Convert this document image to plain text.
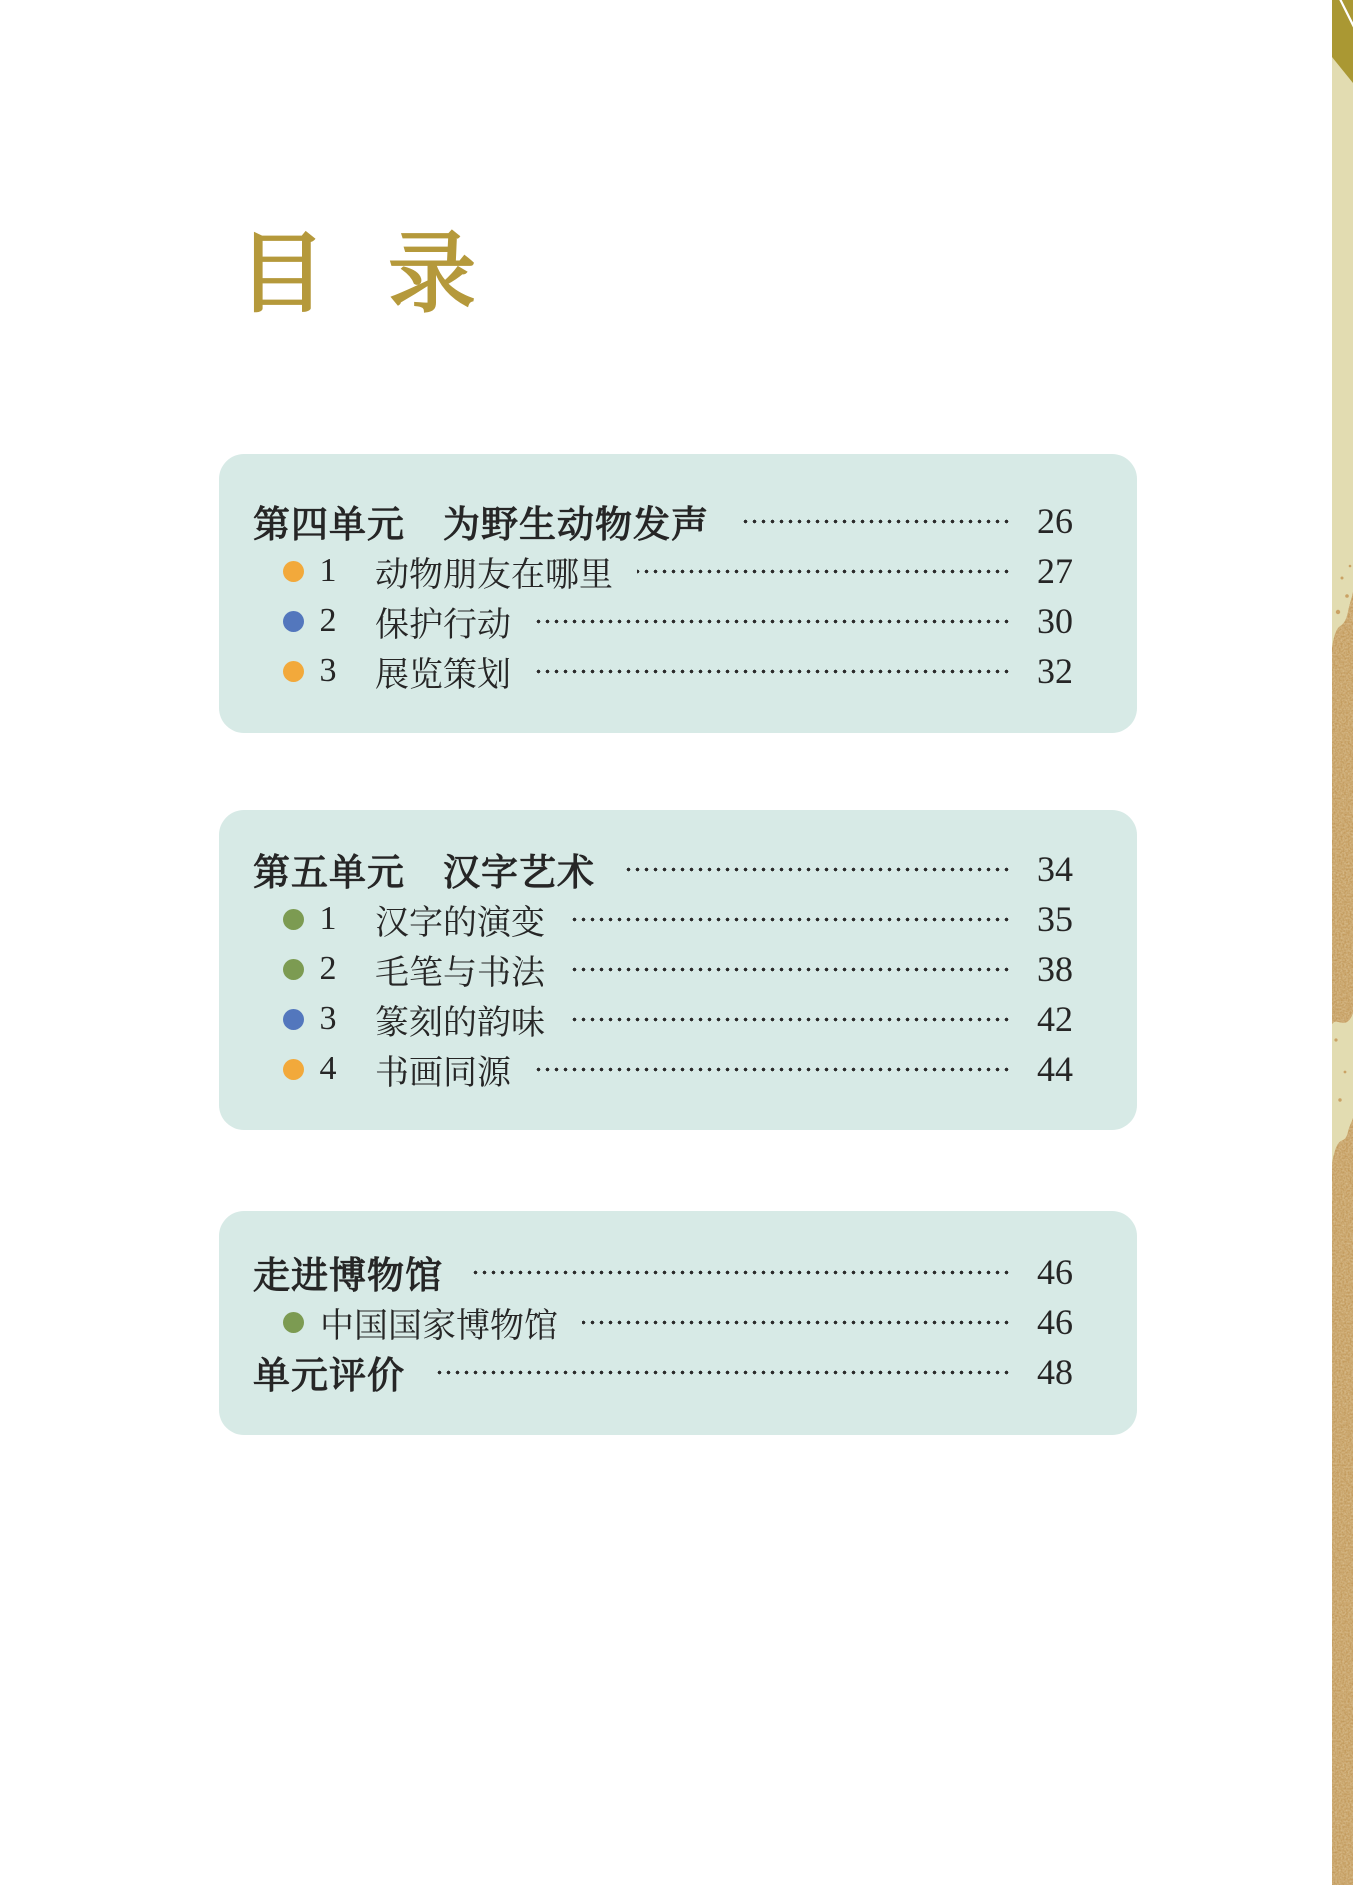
目  录
第四单元　为野生动物发声	26
1 动物朋友在哪里	27
2 保护行动	30
3 展览策划	32
第五单元　汉字艺术	34
1 汉字的演变	35
2 毛笔与书法	38
3 篆刻的韵味	42
4 书画同源	44
走进博物馆	46
中国国家博物馆	46
单元评价	48
